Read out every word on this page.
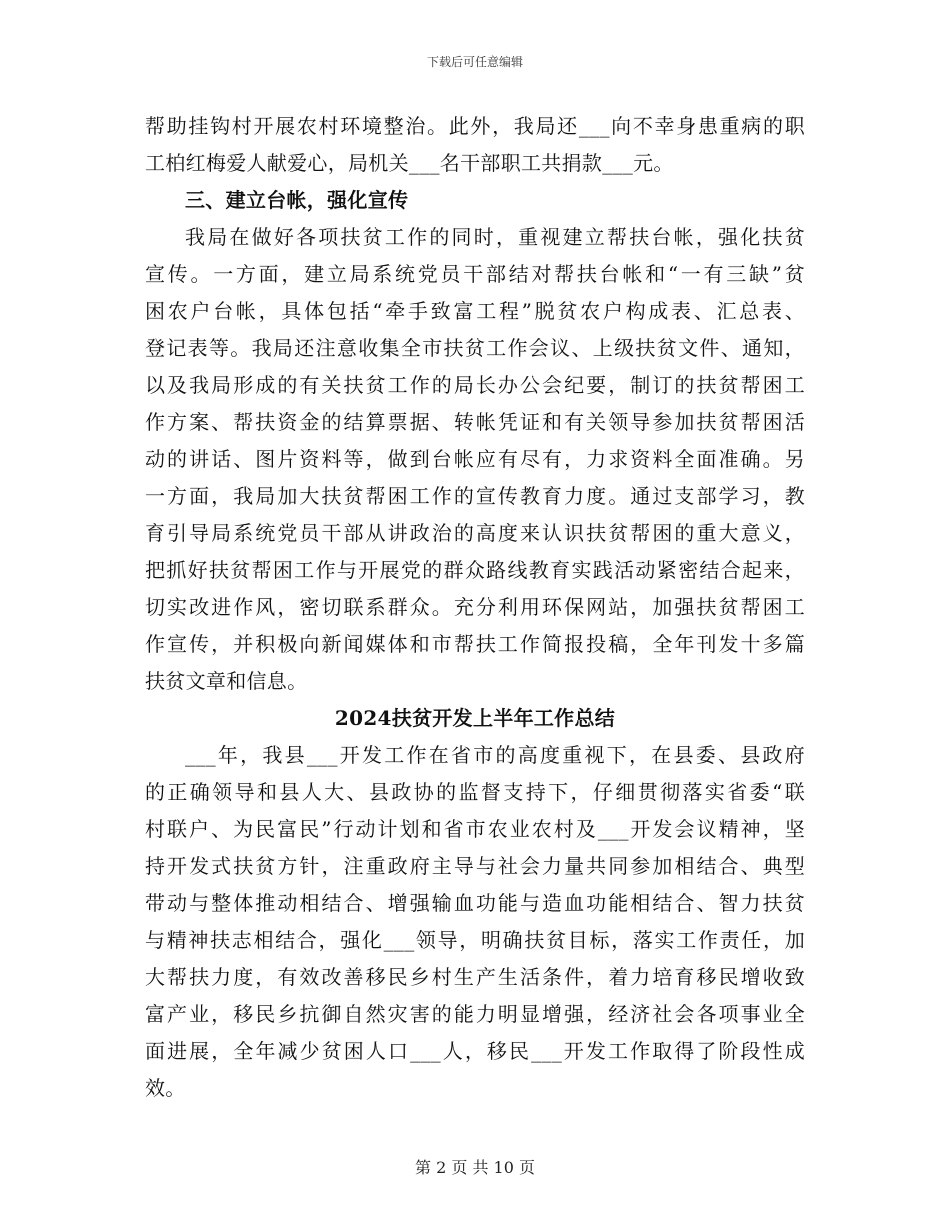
下载后可任意编辑
帮助挂钩村开展农村环境整治。此外，我局还___向不幸身患重病的职
工柏红梅爱人献爱心，局机关___名干部职工共捐款___元。
三、建立台帐，强化宣传
我局在做好各项扶贫工作的同时，重视建立帮扶台帐，强化扶贫
宣传。一方面，建立局系统党员干部结对帮扶台帐和“一有三缺”贫
困农户台帐，具体包括“牵手致富工程”脱贫农户构成表、汇总表、
登记表等。我局还注意收集全市扶贫工作会议、上级扶贫文件、通知，
以及我局形成的有关扶贫工作的局长办公会纪要，制订的扶贫帮困工
作方案、帮扶资金的结算票据、转帐凭证和有关领导参加扶贫帮困活
动的讲话、图片资料等，做到台帐应有尽有，力求资料全面准确。另
一方面，我局加大扶贫帮困工作的宣传教育力度。通过支部学习，教
育引导局系统党员干部从讲政治的高度来认识扶贫帮困的重大意义，
把抓好扶贫帮困工作与开展党的群众路线教育实践活动紧密结合起来，
切实改进作风，密切联系群众。充分利用环保网站，加强扶贫帮困工
作宣传，并积极向新闻媒体和市帮扶工作简报投稿，全年刊发十多篇
扶贫文章和信息。
2024扶贫开发上半年工作总结
___年，我县___开发工作在省市的高度重视下，在县委、县政府
的正确领导和县人大、县政协的监督支持下，仔细贯彻落实省委“联
村联户、为民富民”行动计划和省市农业农村及___开发会议精神，坚
持开发式扶贫方针，注重政府主导与社会力量共同参加相结合、典型
带动与整体推动相结合、增强输血功能与造血功能相结合、智力扶贫
与精神扶志相结合，强化___领导，明确扶贫目标，落实工作责任，加
大帮扶力度，有效改善移民乡村生产生活条件，着力培育移民增收致
富产业，移民乡抗御自然灾害的能力明显增强，经济社会各项事业全
面进展，全年减少贫困人口___人，移民___开发工作取得了阶段性成
效。
第 2 页 共 10 页
